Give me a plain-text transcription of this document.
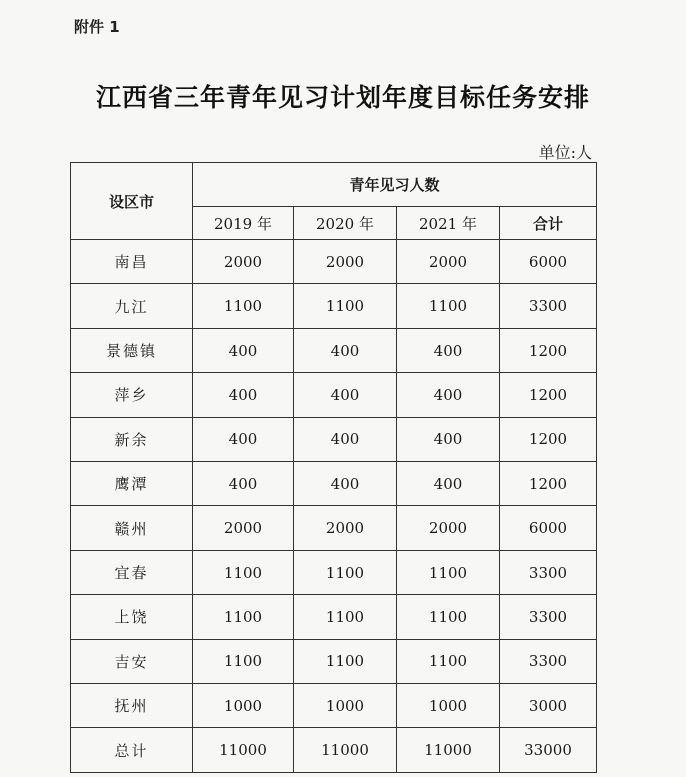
附件 1
江西省三年青年见习计划年度目标任务安排
单位:人
设区市	青年见习人数			
	2019 年	2020 年	2021 年	合计
南昌	2000	2000	2000	6000
九江	1100	1100	1100	3300
景德镇	400	400	400	1200
萍乡	400	400	400	1200
新余	400	400	400	1200
鹰潭	400	400	400	1200
赣州	2000	2000	2000	6000
宜春	1100	1100	1100	3300
上饶	1100	1100	1100	3300
吉安	1100	1100	1100	3300
抚州	1000	1000	1000	3000
总计	11000	11000	11000	33000
